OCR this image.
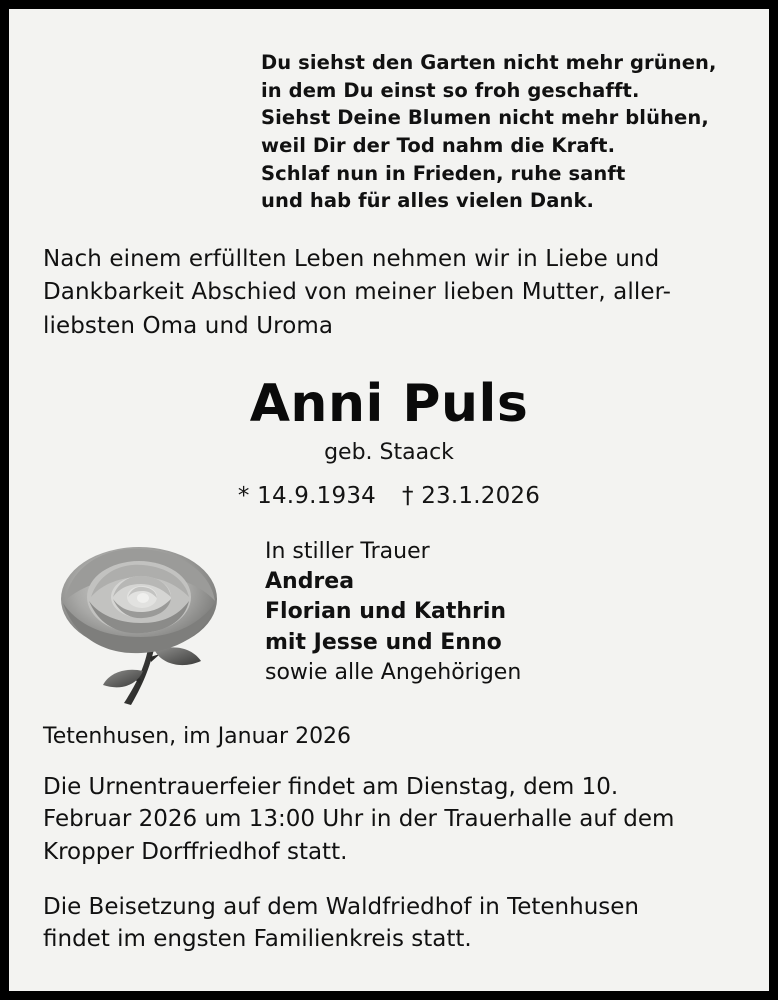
Du siehst den Garten nicht mehr grünen,
in dem Du einst so froh geschafft.
Siehst Deine Blumen nicht mehr blühen,
weil Dir der Tod nahm die Kraft.
Schlaf nun in Frieden, ruhe sanft
und hab für alles vielen Dank.
Nach einem erfüllten Leben nehmen wir in Liebe und
Dankbarkeit Abschied von meiner lieben Mutter, aller-
liebsten Oma und Uroma
Anni Puls
geb. Staack
* 14.9.1934 † 23.1.2026
In stiller Trauer
Andrea
Florian und Kathrin
mit Jesse und Enno
sowie alle Angehörigen
Tetenhusen, im Januar 2026
Die Urnentrauerfeier findet am Dienstag, dem 10.
Februar 2026 um 13:00 Uhr in der Trauerhalle auf dem
Kropper Dorffriedhof statt.
Die Beisetzung auf dem Waldfriedhof in Tetenhusen
findet im engsten Familienkreis statt.
